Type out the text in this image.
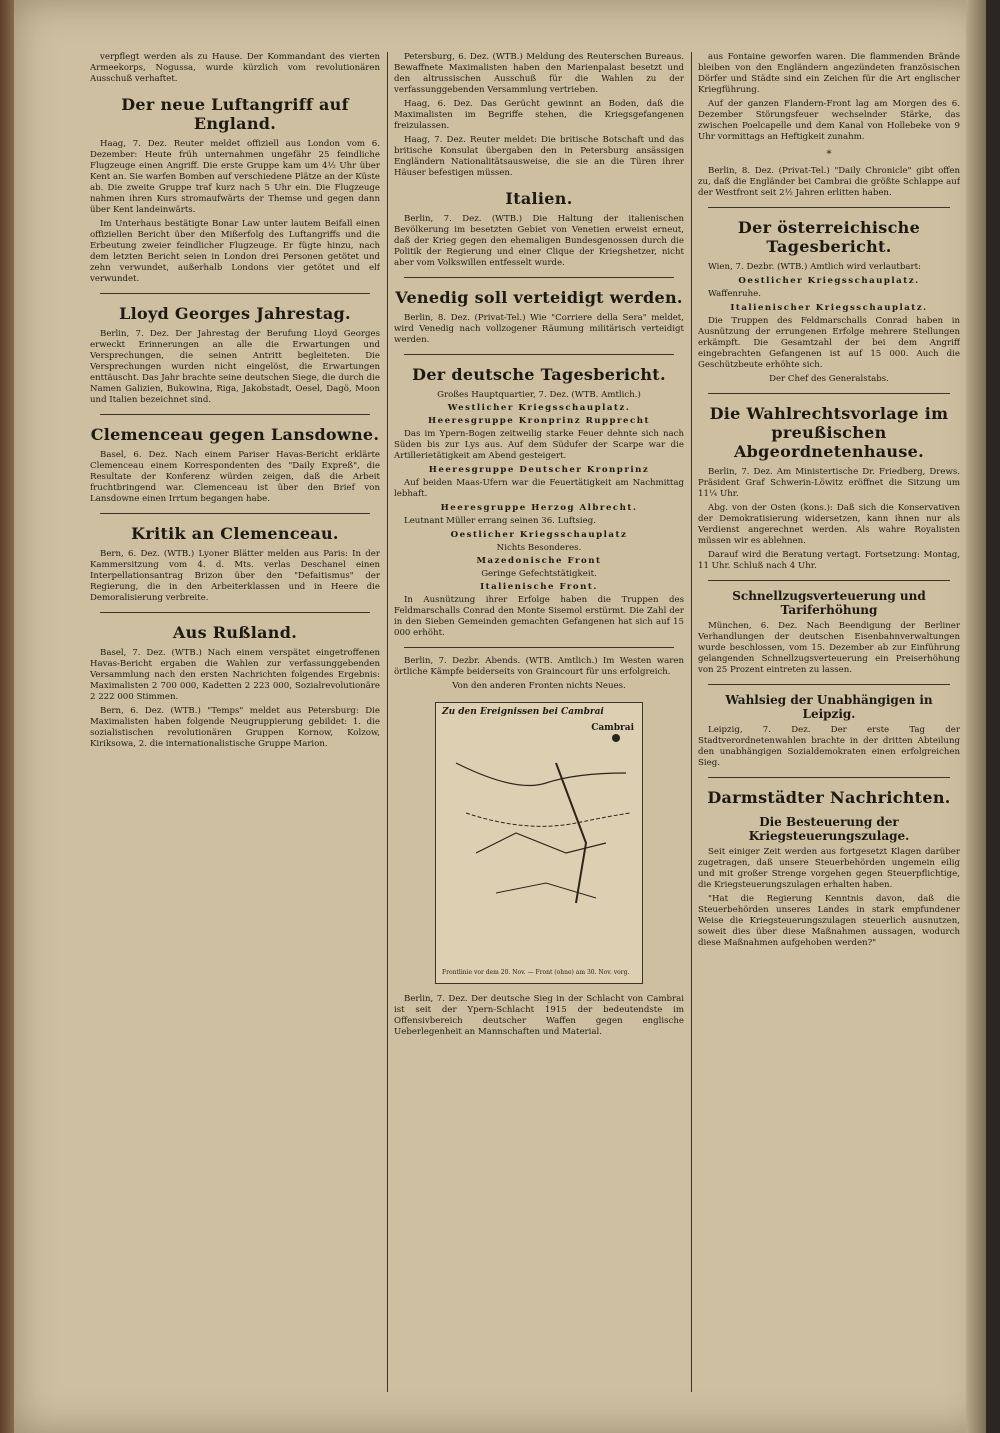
verpflegt werden als zu Hause. Der Kommandant des vierten Armeekorps, Nogussa, wurde kürzlich vom revolutionären Ausschuß verhaftet.

Der neue Luftangriff auf England.

Haag, 7. Dez. Reuter meldet offiziell aus London vom 6. Dezember: Heute früh unternahmen ungefähr 25 feindliche Flugzeuge einen Angriff. Die erste Gruppe kam um 4½ Uhr über Kent an. Sie warfen Bomben auf verschiedene Plätze an der Küste ab. Die zweite Gruppe traf kurz nach 5 Uhr ein. Die Flugzeuge nahmen ihren Kurs stromaufwärts der Themse und gegen dann über Kent landeinwärts.

Im Unterhaus bestätigte Bonar Law unter lautem Beifall einen offiziellen Bericht über den Mißerfolg des Luftangriffs und die Erbeutung zweier feindlicher Flugzeuge. Er fügte hinzu, nach dem letzten Bericht seien in London drei Personen getötet und zehn verwundet, außerhalb Londons vier getötet und elf verwundet.

Lloyd Georges Jahrestag.

Berlin, 7. Dez. Der Jahrestag der Berufung Lloyd Georges erweckt Erinnerungen an alle die Erwartungen und Versprechungen, die seinen Antritt begleiteten. Die Versprechungen wurden nicht eingelöst, die Erwartungen enttäuscht. Das Jahr brachte seine deutschen Siege, die durch die Namen Galizien, Bukowina, Riga, Jakobstadt, Oesel, Dagö, Moon und Italien bezeichnet sind.

Clemenceau gegen Lansdowne.

Basel, 6. Dez. Nach einem Pariser Havas-Bericht erklärte Clemenceau einem Korrespondenten des "Daily Expreß", die Resultate der Konferenz würden zeigen, daß die Arbeit fruchtbringend war. Clemenceau ist über den Brief von Lansdowne einen Irrtum begangen habe.

Kritik an Clemenceau.

Bern, 6. Dez. (WTB.) Lyoner Blätter melden aus Paris: In der Kammersitzung vom 4. d. Mts. verlas Deschanel einen Interpellationsantrag Brizon über den "Defaitismus" der Regierung, die in den Arbeiterklassen und in Heere die Demoralisierung verbreite.

Aus Rußland.

Basel, 7. Dez. (WTB.) Nach einem verspätet eingetroffenen Havas-Bericht ergaben die Wahlen zur verfassunggebenden Versammlung nach den ersten Nachrichten folgendes Ergebnis: Maximalisten 2 700 000, Kadetten 2 223 000, Sozialrevolutionäre 2 222 000 Stimmen.

Bern, 6. Dez. (WTB.) "Temps" meldet aus Petersburg: Die Maximalisten haben folgende Neugruppierung gebildet: 1. die sozialistischen revolutionären Gruppen Kornow, Kolzow, Kiriksowa, 2. die internationalistische Gruppe Marion.

Petersburg, 6. Dez. (WTB.) Meldung des Reuterschen Bureaus. Bewaffnete Maximalisten haben den Marienpalast besetzt und den altrussischen Ausschuß für die Wahlen zu der verfassunggebenden Versammlung vertrieben.

Haag, 6. Dez. Das Gerücht gewinnt an Boden, daß die Maximalisten im Begriffe stehen, die Kriegsgefangenen freizulassen.

Haag, 7. Dez. Reuter meldet: Die britische Botschaft und das britische Konsulat übergaben den in Petersburg ansässigen Engländern Nationalitätsausweise, die sie an die Türen ihrer Häuser befestigen müssen.

Italien.

Berlin, 7. Dez. (WTB.) Die Haltung der italienischen Bevölkerung im besetzten Gebiet von Venetien erweist erneut, daß der Krieg gegen den ehemaligen Bundesgenossen durch die Politik der Regierung und einer Clique der Kriegshetzer, nicht aber vom Volkswillen entfesselt wurde.

Venedig soll verteidigt werden.

Berlin, 8. Dez. (Privat-Tel.) Wie "Corriere della Sera" meldet, wird Venedig nach vollzogener Räumung militärisch verteidigt werden.

Der deutsche Tagesbericht.

Großes Hauptquartier, 7. Dez. (WTB. Amtlich.)

Westlicher Kriegsschauplatz.

Heeresgruppe Kronprinz Rupprecht

Das im Ypern-Bogen zeitweilig starke Feuer dehnte sich nach Süden bis zur Lys aus. Auf dem Südufer der Scarpe war die Artillerietätigkeit am Abend gesteigert.

Heeresgruppe Deutscher Kronprinz

Auf beiden Maas-Ufern war die Feuertätigkeit am Nachmittag lebhaft.

Heeresgruppe Herzog Albrecht.

Leutnant Müller errang seinen 36. Luftsieg.

Oestlicher Kriegsschauplatz

Nichts Besonderes.

Mazedonische Front

Geringe Gefechtstätigkeit.

Italienische Front.

In Ausnützung ihrer Erfolge haben die Truppen des Feldmarschalls Conrad den Monte Sisemol erstürmt. Die Zahl der in den Sieben Gemeinden gemachten Gefangenen hat sich auf 15 000 erhöht.

Berlin, 7. Dezbr. Abends. (WTB. Amtlich.) Im Westen waren örtliche Kämpfe beiderseits von Graincourt für uns erfolgreich.

Von den anderen Fronten nichts Neues.

Zu den Ereignissen bei Cambrai
Cambrai
Frontlinie vor dem 20. Nov. — Front (ohne) am 30. Nov. vorg.

Berlin, 7. Dez. Der deutsche Sieg in der Schlacht von Cambrai ist seit der Ypern-Schlacht 1915 der bedeutendste im Offensivbereich deutscher Waffen gegen englische Ueberlegenheit an Mannschaften und Material.

aus Fontaine geworfen waren. Die flammenden Brände bleiben von den Engländern angezündeten französischen Dörfer und Städte sind ein Zeichen für die Art englischer Kriegführung.

Auf der ganzen Flandern-Front lag am Morgen des 6. Dezember Störungsfeuer wechselnder Stärke, das zwischen Poelcapelle und dem Kanal von Hollebeke von 9 Uhr vormittags an Heftigkeit zunahm.

*

Berlin, 8. Dez. (Privat-Tel.) "Daily Chronicle" gibt offen zu, daß die Engländer bei Cambrai die größte Schlappe auf der Westfront seit 2½ Jahren erlitten haben.

Der österreichische Tagesbericht.

Wien, 7. Dezbr. (WTB.) Amtlich wird verlautbart:

Oestlicher Kriegsschauplatz.

Waffenruhe.

Italienischer Kriegsschauplatz.

Die Truppen des Feldmarschalls Conrad haben in Ausnützung der errungenen Erfolge mehrere Stellungen erkämpft. Die Gesamtzahl der bei dem Angriff eingebrachten Gefangenen ist auf 15 000. Auch die Geschützbeute erhöhte sich.

Der Chef des Generalstabs.

Die Wahlrechtsvorlage im preußischen Abgeordnetenhause.

Berlin, 7. Dez. Am Ministertische Dr. Friedberg, Drews. Präsident Graf Schwerin-Löwitz eröffnet die Sitzung um 11¼ Uhr.

Abg. von der Osten (kons.): Daß sich die Konservativen der Demokratisierung widersetzen, kann ihnen nur als Verdienst angerechnet werden. Als wahre Royalisten müssen wir es ablehnen.

Darauf wird die Beratung vertagt. Fortsetzung: Montag, 11 Uhr. Schluß nach 4 Uhr.

Schnellzugsverteuerung und Tariferhöhung

München, 6. Dez. Nach Beendigung der Berliner Verhandlungen der deutschen Eisenbahnverwaltungen wurde beschlossen, vom 15. Dezember ab zur Einführung gelangenden Schnellzugsverteuerung ein Preiserhöhung von 25 Prozent eintreten zu lassen.

Wahlsieg der Unabhängigen in Leipzig.

Leipzig, 7. Dez. Der erste Tag der Stadtverordnetenwahlen brachte in der dritten Abteilung den unabhängigen Sozialdemokraten einen erfolgreichen Sieg.

Darmstädter Nachrichten.
Die Besteuerung der Kriegsteuerungszulage.

Seit einiger Zeit werden aus fortgesetzt Klagen darüber zugetragen, daß unsere Steuerbehörden ungemein eilig und mit großer Strenge vorgehen gegen Steuerpflichtige, die Kriegsteuerungszulagen erhalten haben.

"Hat die Regierung Kenntnis davon, daß die Steuerbehörden unseres Landes in stark empfundener Weise die Kriegsteuerungszulagen steuerlich ausnutzen, soweit dies über diese Maßnahmen aussagen, wodurch diese Maßnahmen aufgehoben werden?"
